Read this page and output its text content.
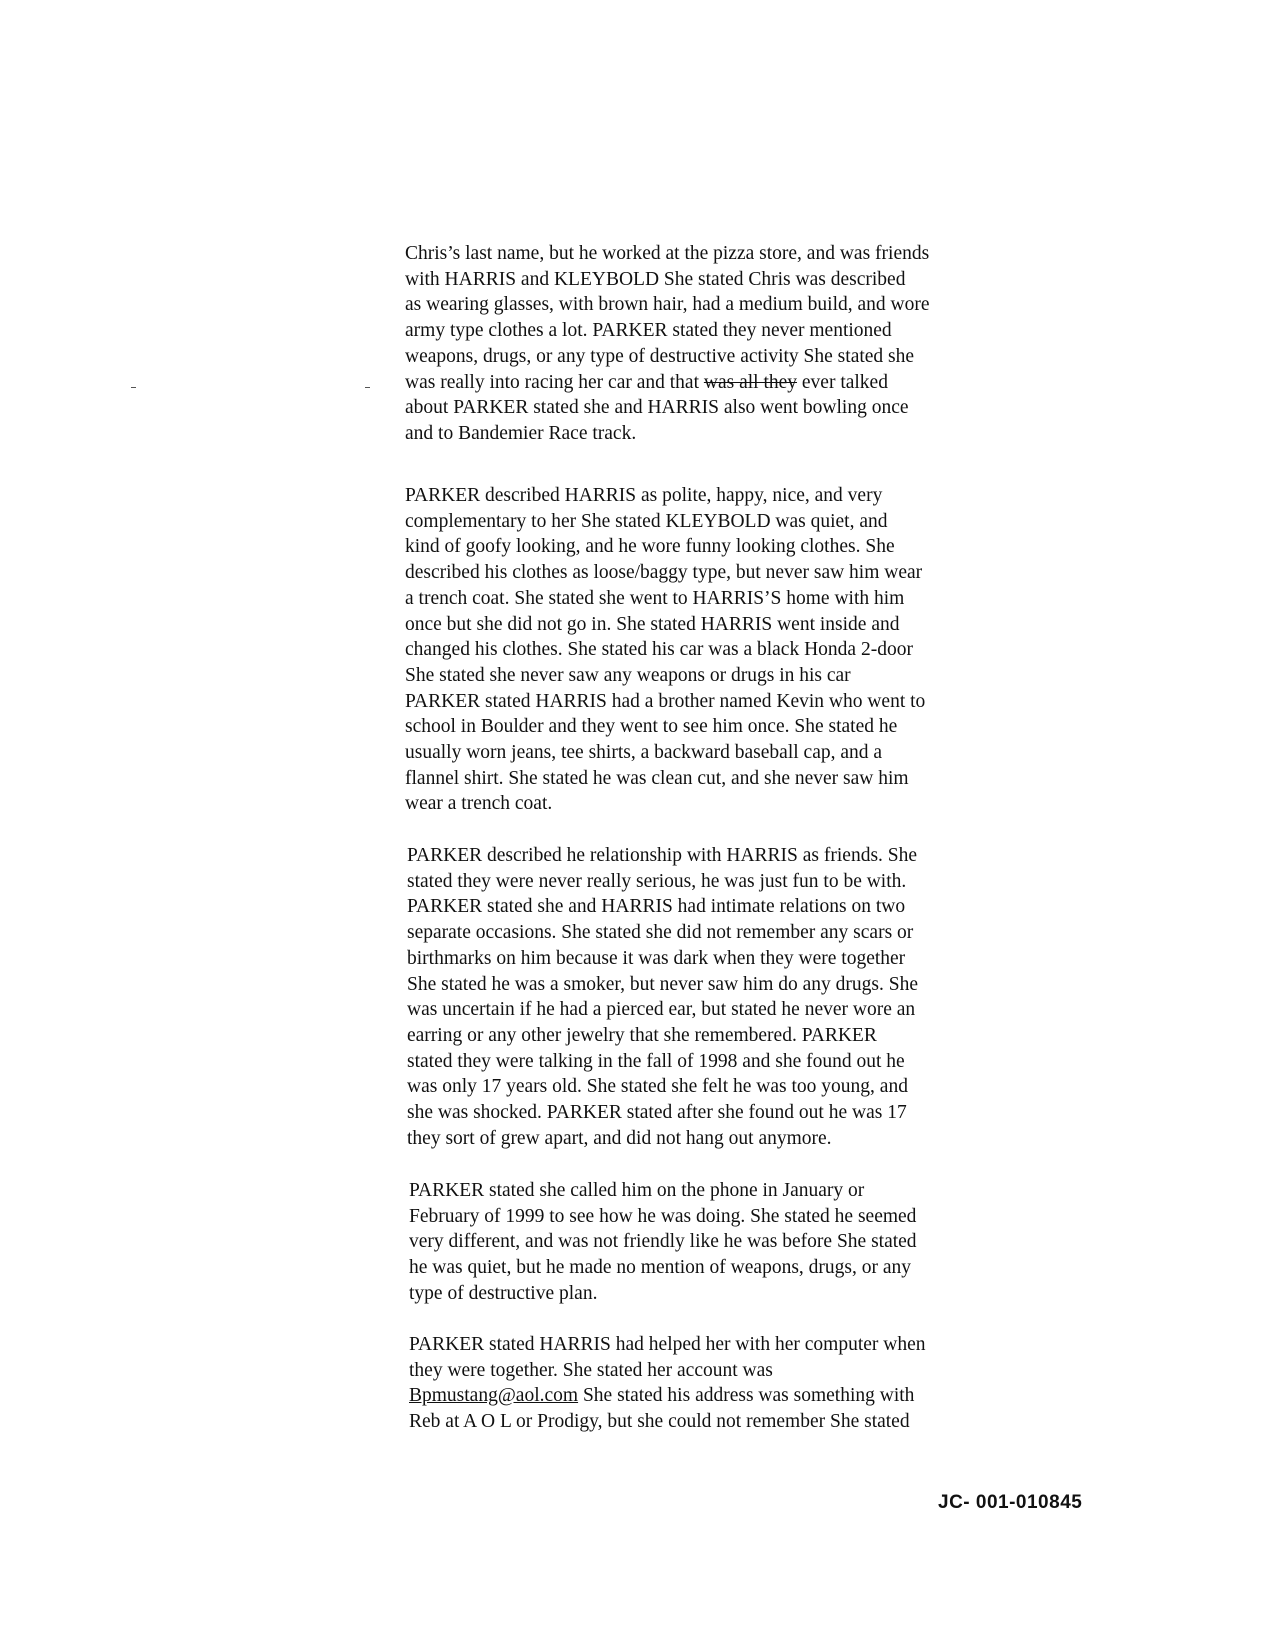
Chris’s last name, but he worked at the pizza store, and was friends
with HARRIS and KLEYBOLD She stated Chris was described
as wearing glasses, with brown hair, had a medium build, and wore
army type clothes a lot. PARKER stated they never mentioned
weapons, drugs, or any type of destructive activity She stated she
was really into racing her car and that was all they ever talked
about PARKER stated she and HARRIS also went bowling once
and to Bandemier Race track.

PARKER described HARRIS as polite, happy, nice, and very
complementary to her She stated KLEYBOLD was quiet, and
kind of goofy looking, and he wore funny looking clothes. She
described his clothes as loose/baggy type, but never saw him wear
a trench coat. She stated she went to HARRIS’S home with him
once but she did not go in. She stated HARRIS went inside and
changed his clothes. She stated his car was a black Honda 2-door
She stated she never saw any weapons or drugs in his car
PARKER stated HARRIS had a brother named Kevin who went to
school in Boulder and they went to see him once. She stated he
usually worn jeans, tee shirts, a backward baseball cap, and a
flannel shirt. She stated he was clean cut, and she never saw him
wear a trench coat.

PARKER described he relationship with HARRIS as friends. She
stated they were never really serious, he was just fun to be with.
PARKER stated she and HARRIS had intimate relations on two
separate occasions. She stated she did not remember any scars or
birthmarks on him because it was dark when they were together
She stated he was a smoker, but never saw him do any drugs. She
was uncertain if he had a pierced ear, but stated he never wore an
earring or any other jewelry that she remembered. PARKER
stated they were talking in the fall of 1998 and she found out he
was only 17 years old. She stated she felt he was too young, and
she was shocked. PARKER stated after she found out he was 17
they sort of grew apart, and did not hang out anymore.

PARKER stated she called him on the phone in January or
February of 1999 to see how he was doing. She stated he seemed
very different, and was not friendly like he was before She stated
he was quiet, but he made no mention of weapons, drugs, or any
type of destructive plan.

PARKER stated HARRIS had helped her with her computer when
they were together. She stated her account was
Bpmustang@aol.com She stated his address was something with
Reb at A O L or Prodigy, but she could not remember She stated

JC- 001-010845
